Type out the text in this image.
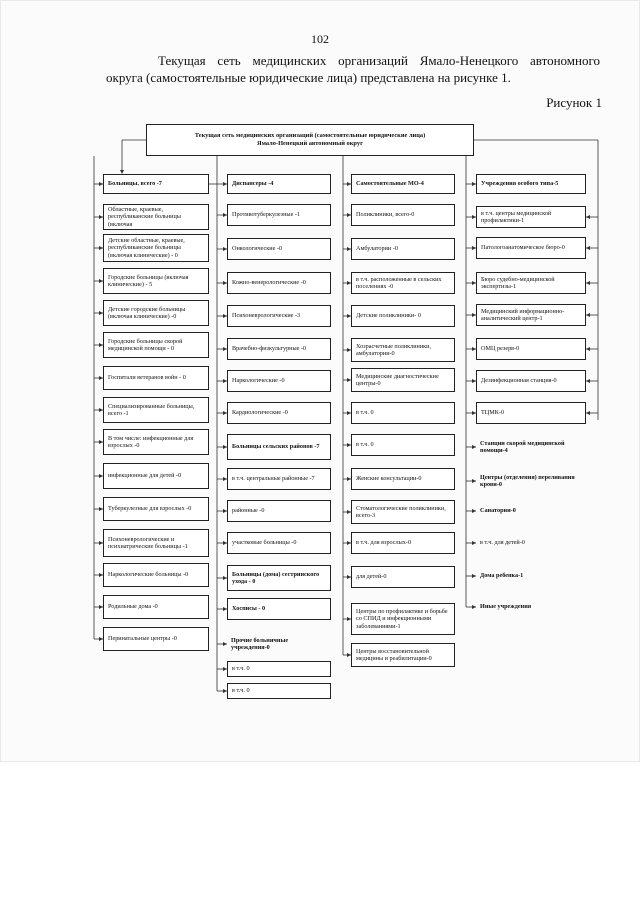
102
Текущая сеть медицинских организаций Ямало-Ненецкого автономного
округа (самостоятельные юридические лица) представлена на рисунке 1.
Рисунок 1
Текущая сеть медицинских организаций (самостоятельные юридические лица)
Ямало-Ненецкий автономный округ
Больницы, всего -7
Областные, краевые, республиканские больницы (включая
Детские областные, краевые, республиканские больницы (включая клинические) - 0
Городские больницы (включая клинические) - 5
Детские городские больницы (включая клинические) -0
Городские больницы скорой медицинской помощи - 0
Госпитали ветеранов войн - 0
Специализированные больницы, всего -1
В том числе: инфекционные для взрослых -0
инфекционные для детей -0
Туберкулезные для взрослых -0
Психоневрологические и психиатрические больницы -1
Наркологические больницы -0
Родильные дома -0
Перинатальные центры -0
Диспансеры -4
Противотуберкулезные -1
Онкологические -0
Кожно-венерологические -0
Психоневрологические -3
Врачебно-физкультурные -0
Наркологические -0
Кардиологические -0
Больницы сельских районов -7
в т.ч. центральные районные -7
районные -0
участковые больницы -0
Больницы (дома) сестринского ухода - 0
Хосписы - 0
Прочие больничные учреждения-0
в т.ч. 0
в т.ч. 0
Самостоятельные МО-4
Поликлиники, всего-0
Амбулатории -0
в т.ч. расположенные в сельских поселениях -0
Детские поликлиники- 0
Хозрасчетные поликлиники, амбулатории-0
Медицинские диагностические центры-0
в т.ч. 0
в т.ч. 0
Женские консультации-0
Стоматологические поликлиники, всего-3
в т.ч. для взрослых-0
для детей-0
Центры по профилактике и борьбе со СПИД и инфекционными заболеваниями-1
Центры восстановительной медицины и реабилитации-0
Учреждения особого типа-5
в т.ч. центры медицинской профилактики-1
Патологоанатомическое бюро-0
Бюро судебно-медицинской экспертизы-1
Медицинский информационно-аналитический центр-1
ОМЦ резерв-0
Дезинфекционная станция-0
ТЦМК-0
Станции скорой медицинской помощи-4
Центры (отделения) переливания крови-0
Санатории-0
в т.ч. для детей-0
Дома ребенка-1
Иные учреждения
